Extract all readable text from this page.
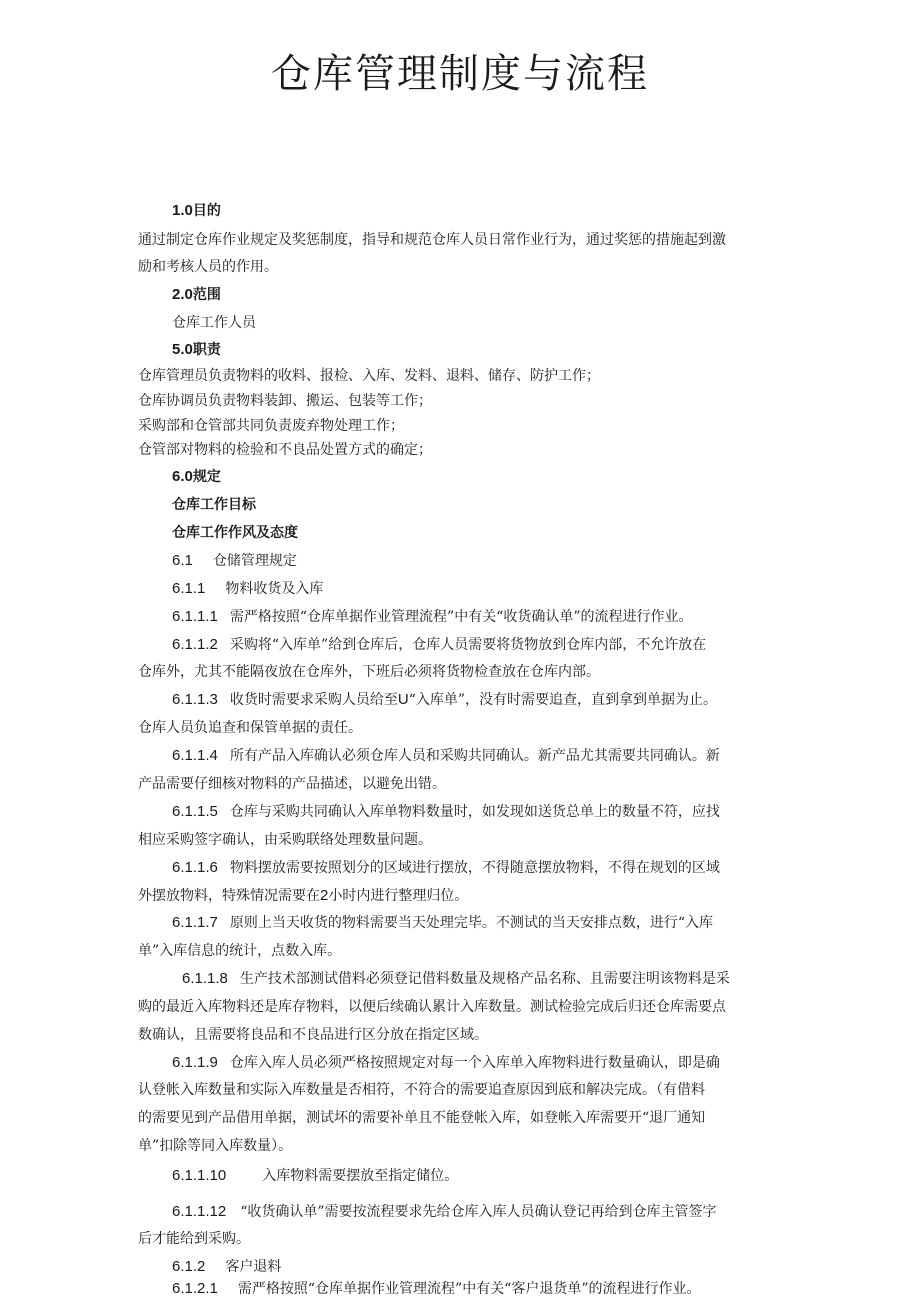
仓库管理制度与流程
1.0目的
通过制定仓库作业规定及奖惩制度，指导和规范仓库人员日常作业行为，通过奖惩的措施起到激
励和考核人员的作用。
2.0范围
仓库工作人员
5.0职责
仓库管理员负责物料的收料、报检、入库、发料、退料、储存、防护工作；
仓库协调员负责物料装卸、搬运、包装等工作；
采购部和仓管部共同负责废弃物处理工作；
仓管部对物料的检验和不良品处置方式的确定；
6.0规定
仓库工作目标
仓库工作作风及态度
6.1 仓储管理规定
6.1.1 物料收货及入库
6.1.1.1 需严格按照“仓库单据作业管理流程”中有关“收货确认单”的流程进行作业。
6.1.1.2 采购将“入库单”给到仓库后，仓库人员需要将货物放到仓库内部，不允许放在
仓库外，尤其不能隔夜放在仓库外，下班后必须将货物检查放在仓库内部。
6.1.1.3 收货时需要求采购人员给至U“入库单”，没有时需要追查，直到拿到单据为止。
仓库人员负追查和保管单据的责任。
6.1.1.4 所有产品入库确认必须仓库人员和采购共同确认。新产品尤其需要共同确认。新
产品需要仔细核对物料的产品描述，以避免出错。
6.1.1.5 仓库与采购共同确认入库单物料数量时，如发现如送货总单上的数量不符，应找
相应采购签字确认，由采购联络处理数量问题。
6.1.1.6 物料摆放需要按照划分的区域进行摆放，不得随意摆放物料，不得在规划的区域
外摆放物料，特殊情况需要在2小时内进行整理归位。
6.1.1.7 原则上当天收货的物料需要当天处理完毕。不测试的当天安排点数，进行“入库
单”入库信息的统计，点数入库。
6.1.1.8 生产技术部测试借料必须登记借料数量及规格产品名称、且需要注明该物料是采
购的最近入库物料还是库存物料，以便后续确认累计入库数量。测试检验完成后归还仓库需要点
数确认，且需要将良品和不良品进行区分放在指定区域。
6.1.1.9 仓库入库人员必须严格按照规定对每一个入库单入库物料进行数量确认，即是确
认登帐入库数量和实际入库数量是否相符，不符合的需要追查原因到底和解决完成。（有借料
的需要见到产品借用单据，测试坏的需要补单且不能登帐入库，如登帐入库需要开“退厂通知
单”扣除等同入库数量）。
6.1.1.10	入库物料需要摆放至指定储位。
6.1.1.12 “收货确认单”需要按流程要求先给仓库入库人员确认登记再给到仓库主管签字
后才能给到采购。
6.1.2 客户退料
6.1.2.1 需严格按照“仓库单据作业管理流程”中有关“客户退货单”的流程进行作业。
